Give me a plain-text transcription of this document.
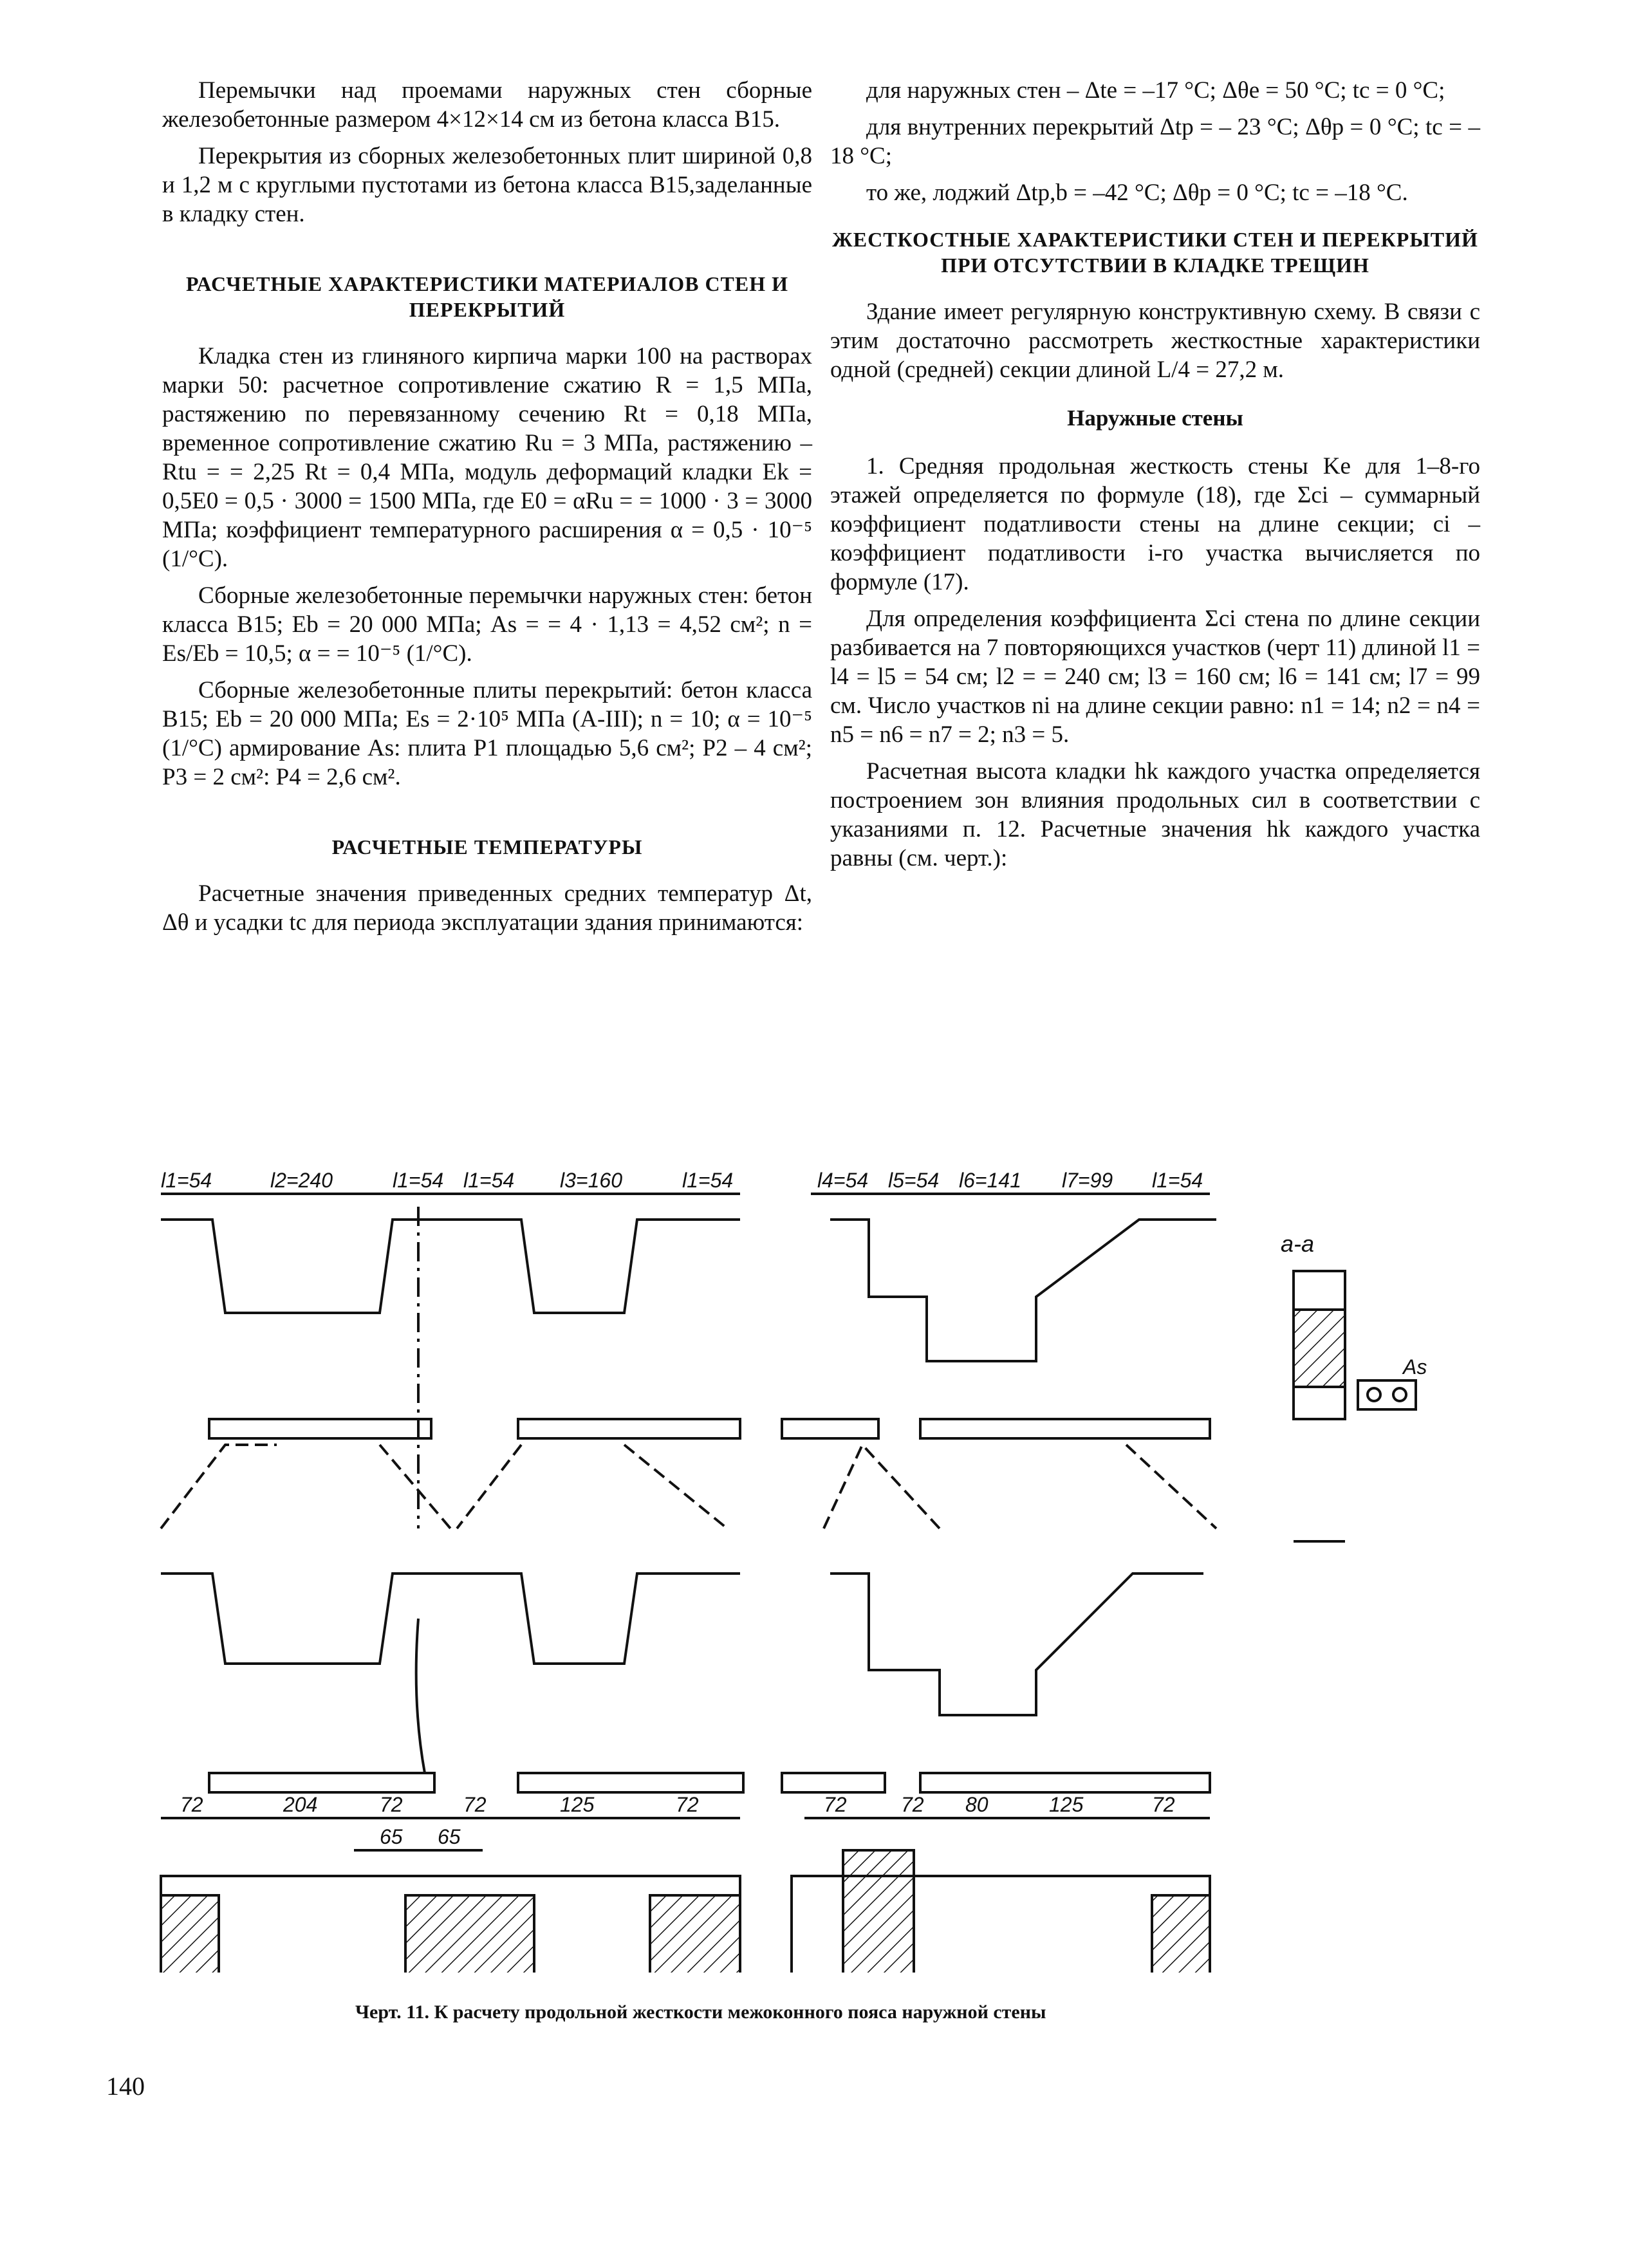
Перемычки над проемами наружных стен сборные железобетонные размером 4×12×14 см из бетона класса В15.

Перекрытия из сборных железобетонных плит шириной 0,8 и 1,2 м с круглыми пустотами из бетона класса В15,заделанные в кладку стен.

РАСЧЕТНЫЕ ХАРАКТЕРИСТИКИ МАТЕРИАЛОВ СТЕН И ПЕРЕКРЫТИЙ

Кладка стен из глиняного кирпича марки 100 на растворах марки 50: расчетное сопротивление сжатию R = 1,5 МПа, растяжению по перевязанному сечению Rt = 0,18 МПа, временное сопротивление сжатию Ru = 3 МПа, растяжению – Rtu = = 2,25 Rt = 0,4 МПа, модуль деформаций кладки Ek = 0,5E0 = 0,5 · 3000 = 1500 МПа, где E0 = αRu = = 1000 · 3 = 3000 МПа; коэффициент температурного расширения α = 0,5 · 10⁻⁵ (1/°C).

Сборные железобетонные перемычки наружных стен: бетон класса В15; Eb = 20 000 МПа; As = = 4 · 1,13 = 4,52 см²; n = Es/Eb = 10,5; α = = 10⁻⁵ (1/°C).

Сборные железобетонные плиты перекрытий: бетон класса В15; Eb = 20 000 МПа; Es = 2·10⁵ МПа (А-III); n = 10; α = 10⁻⁵ (1/°C) армирование As: плита Р1 площадью 5,6 см²; Р2 – 4 см²; Р3 = 2 см²: Р4 = 2,6 см².

РАСЧЕТНЫЕ ТЕМПЕРАТУРЫ

Расчетные значения приведенных средних температур Δt, Δθ и усадки tc для периода эксплуатации здания принимаются:

для наружных стен – Δte = –17 °C; Δθe = 50 °C; tc = 0 °C;

для внутренних перекрытий Δtp = – 23 °C; Δθp = 0 °C; tc = –18 °C;

то же, лоджий Δtp,b = –42 °C; Δθp = 0 °C; tc = –18 °C.

ЖЕСТКОСТНЫЕ ХАРАКТЕРИСТИКИ СТЕН И ПЕРЕКРЫТИЙ ПРИ ОТСУТСТВИИ В КЛАДКЕ ТРЕЩИН

Здание имеет регулярную конструктивную схему. В связи с этим достаточно рассмотреть жесткостные характеристики одной (средней) секции длиной L/4 = 27,2 м.

Наружные стены

1. Средняя продольная жесткость стены Ke для 1–8-го этажей определяется по формуле (18), где Σci – суммарный коэффициент податливости стены на длине секции; ci – коэффициент податливости i-го участка вычисляется по формуле (17).

Для определения коэффициента Σci стена по длине секции разбивается на 7 повторяющихся участков (черт 11) длиной l1 = l4 = l5 = 54 см; l2 = = 240 см; l3 = 160 см; l6 = 141 см; l7 = 99 см. Число участков ni на длине секции равно: n1 = 14; n2 = n4 = n5 = n6 = n7 = 2; n3 = 5.

Расчетная высота кладки hk каждого участка определяется построением зон влияния продольных сил в соответствии с указаниями п. 12. Расчетные значения hk каждого участка равны (см. черт.):

l1=54	l2=240	l1=54 l1=54 l3=160	l1=54	l4=54 l5=54 l6=141 l7=99 l1=54
а-а
As
72	204	72	72	125	72
65 65
72	72 80	125	72
Черт. 11. К расчету продольной жесткости межоконного пояса наружной стены
140
